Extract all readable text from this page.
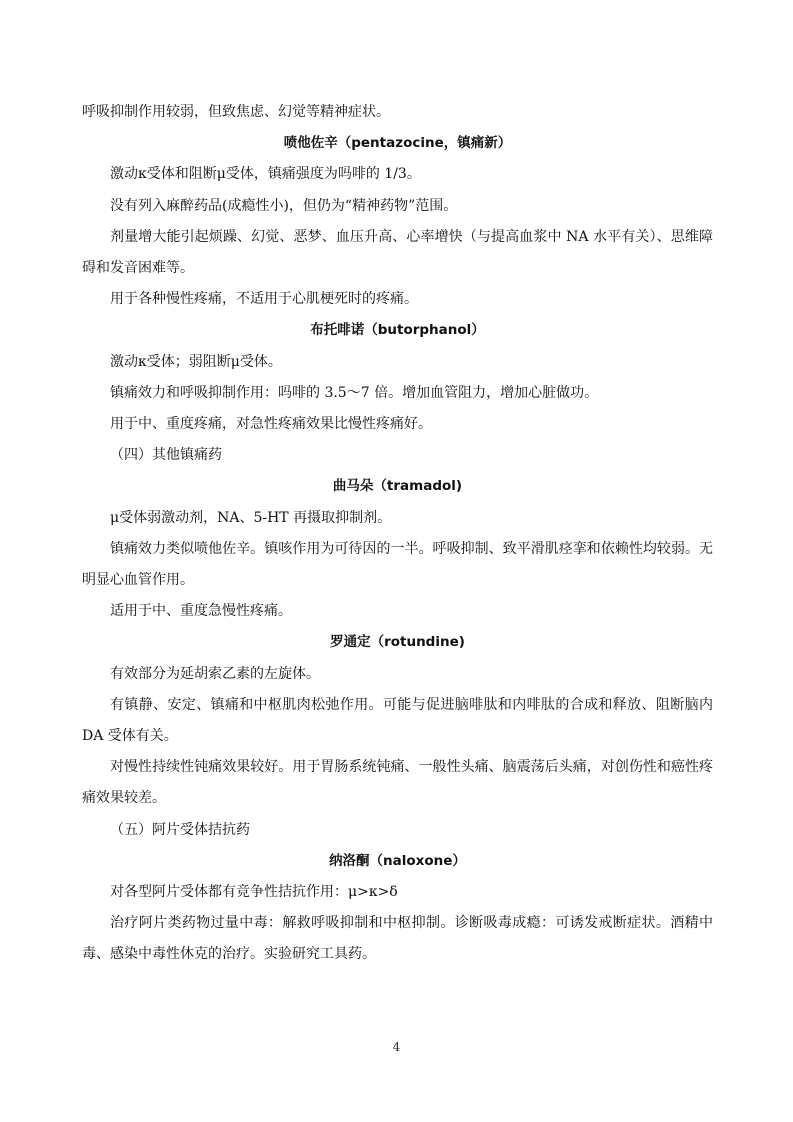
呼吸抑制作用较弱，但致焦虑、幻觉等精神症状。

喷他佐辛（pentazocine，镇痛新）

激动κ受体和阻断μ受体，镇痛强度为吗啡的 1/3。

没有列入麻醉药品(成瘾性小)，但仍为“精神药物”范围。

剂量增大能引起烦躁、幻觉、恶梦、血压升高、心率增快（与提高血浆中 NA 水平有关）、思维障碍和发音困难等。

用于各种慢性疼痛，不适用于心肌梗死时的疼痛。

布托啡诺（butorphanol）

激动κ受体；弱阻断μ受体。

镇痛效力和呼吸抑制作用：吗啡的 3.5～7 倍。增加血管阻力，增加心脏做功。

用于中、重度疼痛，对急性疼痛效果比慢性疼痛好。

（四）其他镇痛药

曲马朵（tramadol)

μ受体弱激动剂，NA、5-HT 再摄取抑制剂。

镇痛效力类似喷他佐辛。镇咳作用为可待因的一半。呼吸抑制、致平滑肌痉挛和依赖性均较弱。无明显心血管作用。

适用于中、重度急慢性疼痛。

罗通定（rotundine)

有效部分为延胡索乙素的左旋体。

有镇静、安定、镇痛和中枢肌肉松弛作用。可能与促进脑啡肽和内啡肽的合成和释放、阻断脑内 DA 受体有关。

对慢性持续性钝痛效果较好。用于胃肠系统钝痛、一般性头痛、脑震荡后头痛，对创伤性和癌性疼痛效果较差。

（五）阿片受体拮抗药

纳洛酮（naloxone）

对各型阿片受体都有竞争性拮抗作用：μ>κ>δ

治疗阿片类药物过量中毒：解救呼吸抑制和中枢抑制。诊断吸毒成瘾：可诱发戒断症状。酒精中毒、感染中毒性休克的治疗。实验研究工具药。

4
